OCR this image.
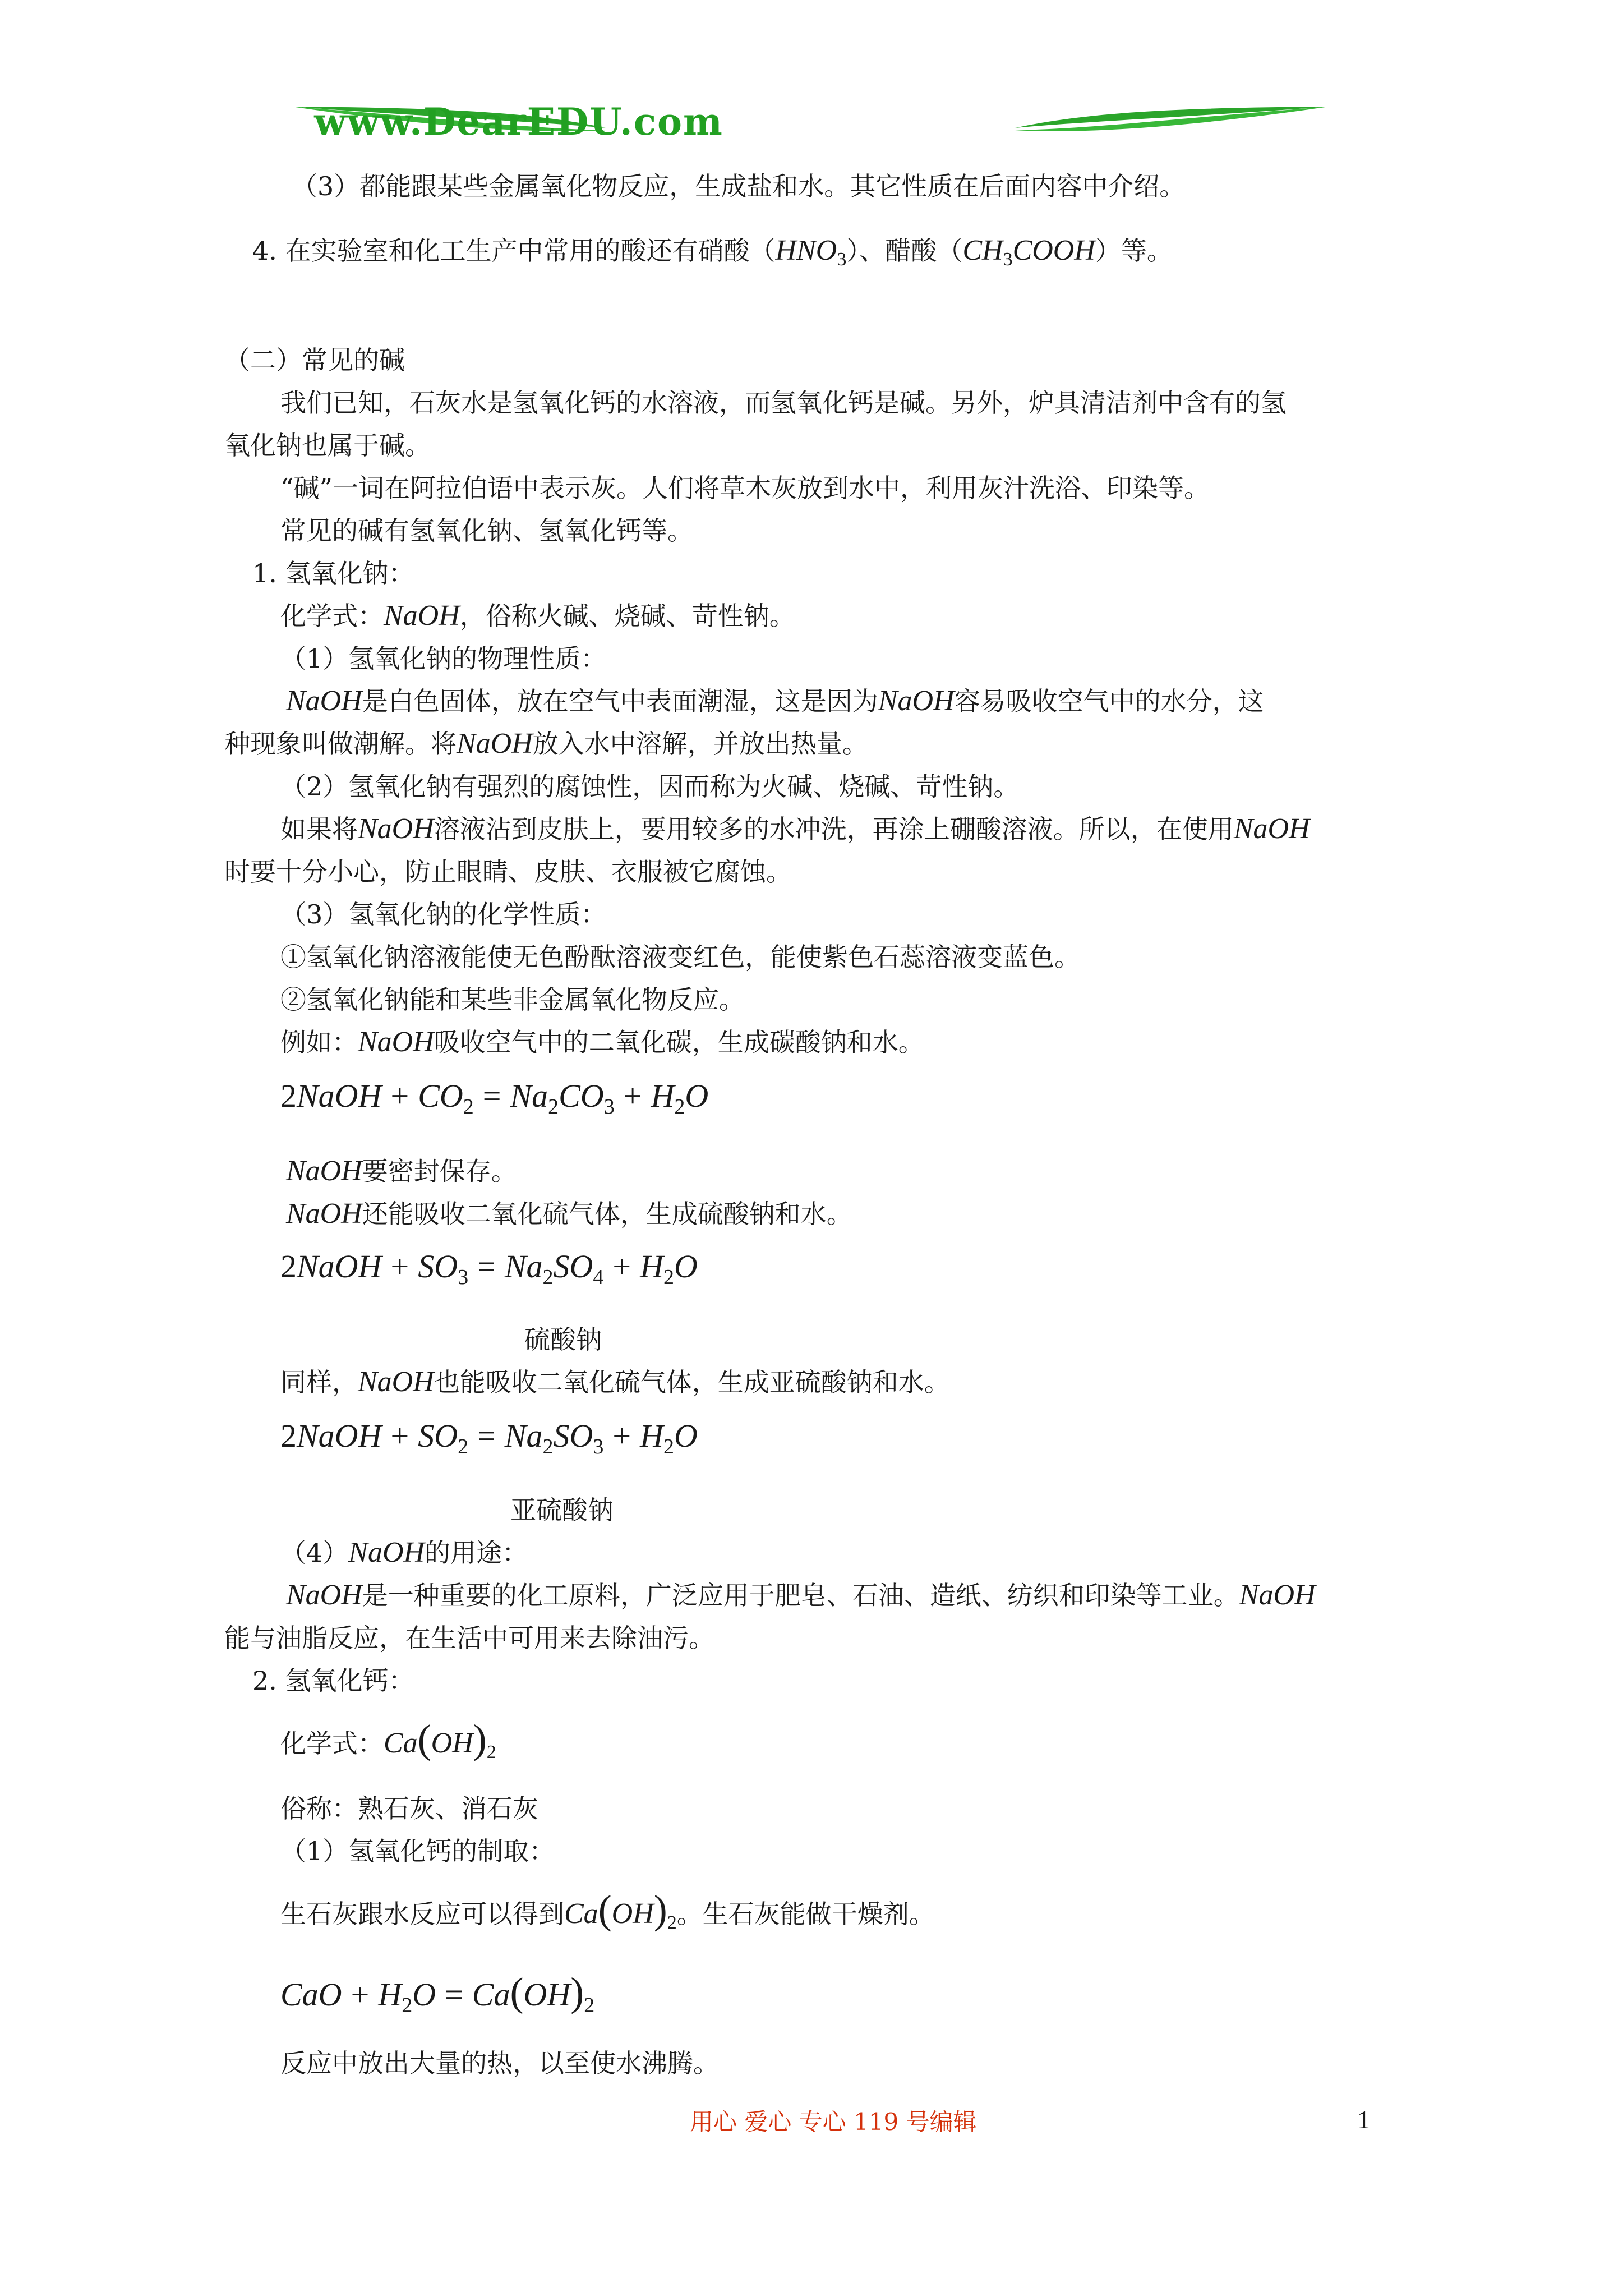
www.DearEDU.com
（3）都能跟某些金属氧化物反应，生成盐和水。其它性质在后面内容中介绍。
4. 在实验室和化工生产中常用的酸还有硝酸$(HNO_3)$、醋酸$(CH_3COOH)$等。
（二）常见的碱
我们已知，石灰水是氢氧化钙的水溶液，而氢氧化钙是碱。另外，炉具清洁剂中含有的氢
氧化钠也属于碱。
“碱”一词在阿拉伯语中表示灰。人们将草木灰放到水中，利用灰汁洗浴、印染等。
常见的碱有氢氧化钠、氢氧化钙等。
1. 氢氧化钠：
化学式：NaOH，俗称火碱、烧碱、苛性钠。
（1）氢氧化钠的物理性质：
NaOH是白色固体，放在空气中表面潮湿，这是因为NaOH容易吸收空气中的水分，这
种现象叫做潮解。将NaOH放入水中溶解，并放出热量。
（2）氢氧化钠有强烈的腐蚀性，因而称为火碱、烧碱、苛性钠。
如果将NaOH溶液沾到皮肤上，要用较多的水冲洗，再涂上硼酸溶液。所以，在使用NaOH
时要十分小心，防止眼睛、皮肤、衣服被它腐蚀。
（3）氢氧化钠的化学性质：
①氢氧化钠溶液能使无色酚酞溶液变红色，能使紫色石蕊溶液变蓝色。
②氢氧化钠能和某些非金属氧化物反应。
例如：NaOH吸收空气中的二氧化碳，生成碳酸钠和水。
2NaOH + $CO_2 = Na_2CO_3 + H_2O$
NaOH要密封保存。
NaOH还能吸收二氧化硫气体，生成硫酸钠和水。
2NaOH + $SO_3 = Na_2SO_4 + H_2O$
硫酸钠
同样，NaOH也能吸收二氧化硫气体，生成亚硫酸钠和水。
2NaOH + $SO_2 = Na_2SO_3 + H_2O$
亚硫酸钠
（4）NaOH的用途：
NaOH是一种重要的化工原料，广泛应用于肥皂、石油、造纸、纺织和印染等工业。NaOH
能与油脂反应，在生活中可用来去除油污。
2. 氢氧化钙：
化学式：$Ca(OH)_2$
俗称：熟石灰、消石灰
（1）氢氧化钙的制取：
生石灰跟水反应可以得到$Ca(OH)_2$。生石灰能做干燥剂。
CaO + $H_2O = Ca(OH)_2$
反应中放出大量的热，以至使水沸腾。
用心 爱心 专心 119 号编辑	1
